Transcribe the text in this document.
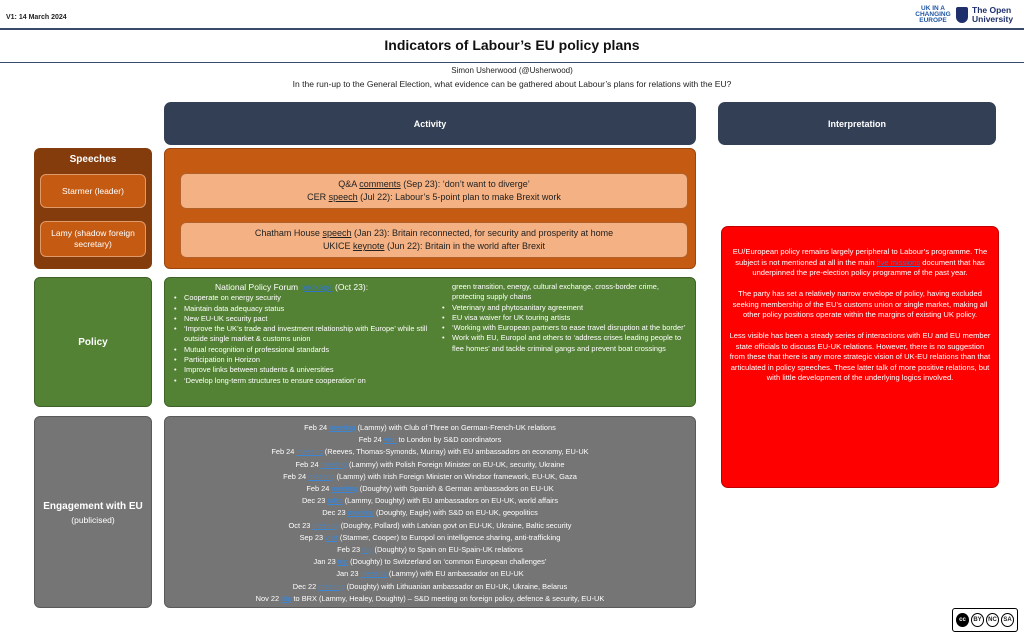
V1: 14 March 2024
UK IN A CHANGING EUROPE
The Open University
Indicators of Labour’s EU policy plans
Simon Usherwood (@Usherwood)
In the run-up to the General Election, what evidence can be gathered about Labour’s plans for relations with the EU?
Activity	Interpretation
Speeches
Starmer (leader)
Lamy (shadow foreign secretary)
Q&A comments (Sep 23): ‘don’t want to diverge’
CER speech (Jul 22): Labour’s 5-point plan to make Brexit work
Chatham House speech (Jan 23): Britain reconnected, for security and prosperity at home
UKICE keynote (Jun 22): Britain in the world after Brexit
Policy
National Policy Forum package (Oct 23):
• Cooperate on energy security
• Maintain data adequacy status
• New EU-UK security pact
• ‘Improve the UK’s trade and investment relationship with Europe’ while still outside single market & customs union
• Mutual recognition of professional standards
• Participation in Horizon
• Improve links between students & universities
• ‘Develop long-term structures to ensure cooperation’ on
green transition, energy, cultural exchange, cross-border crime, protecting supply chains
• Veterinary and phytosanitary agreement
• EU visa waiver for UK touring artists
• ‘Working with European partners to ease travel disruption at the border’
• Work with EU, Europol and others to ‘address crises leading people to flee homes’ and tackle criminal gangs and prevent boat crossings
Engagement with EU
(publicised)
Feb 24 meeting (Lammy) with Club of Three on German-French-UK relations
Feb 24 visit to London by S&D coordinators
Feb 24 meeting (Reeves, Thomas-Symonds, Murray) with EU ambassadors on economy, EU-UK
Feb 24 meeting (Lammy) with Polish Foreign Minister on EU-UK, security, Ukraine
Feb 24 meeting (Lammy) with Irish Foreign Minister on Windsor framework, EU-UK, Gaza
Feb 24 meeting (Doughty) with Spanish & German ambassadors on EU-UK
Dec 23 talks (Lammy, Doughty) with EU ambassadors on EU-UK, world affairs
Dec 23 meeting (Doughty, Eagle) with S&D on EU-UK, geopolitics
Oct 23 meeting (Doughty, Pollard) with Latvian govt on EU-UK, Ukraine, Baltic security
Sep 23 visit (Starmer, Cooper) to Europol on intelligence sharing, anti-trafficking
Feb 23 trip (Doughty) to Spain on EU-Spain-UK relations
Jan 23 trip (Doughty) to Switzerland on ‘common European challenges’
Jan 23 meeting (Lammy) with EU ambassador on EU-UK
Dec 22 meeting (Doughty) with Lithuanian ambassador on EU-UK, Ukraine, Belarus
Nov 22 trip to BRX (Lammy, Healey, Doughty) – S&D meeting on foreign policy, defence & security, EU-UK

EU/European policy remains largely peripheral to Labour’s programme. The subject is not mentioned at all in the main five missions document that has underpinned the pre-election policy programme of the past year.

The party has set a relatively narrow envelope of policy, having excluded seeking membership of the EU’s customs union or single market, making all other policy positions operate within the margins of existing UK policy.

Less visible has been a steady series of interactions with EU and EU member state officials to discuss EU-UK relations. However, there is no suggestion from these that there is any more strategic vision of UK-EU relations than that articulated in policy speeches. These latter talk of more positive relations, but with little development of the underlying logics involved.

cc	BY	NC	SA
